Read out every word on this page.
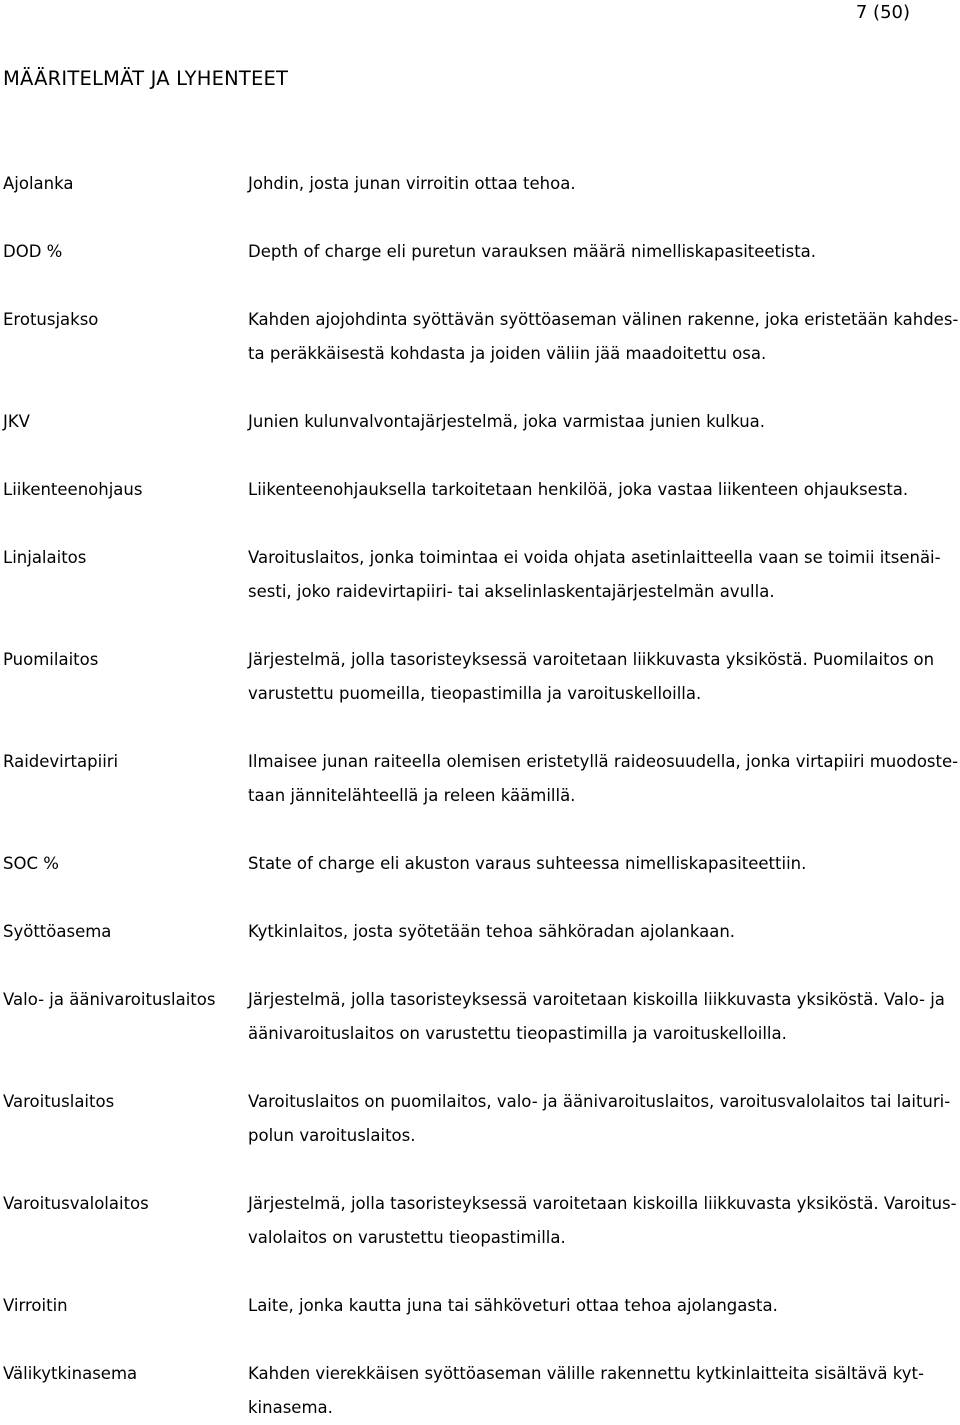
7 (50)
MÄÄRITELMÄT JA LYHENTEET
Ajolanka	Johdin, josta junan virroitin ottaa tehoa.
DOD %	Depth of charge eli puretun varauksen määrä nimelliskapasiteetista.
Erotusjakso	Kahden ajojohdinta syöttävän syöttöaseman välinen rakenne, joka eristetään kahdes-
ta peräkkäisestä kohdasta ja joiden väliin jää maadoitettu osa.
JKV	Junien kulunvalvontajärjestelmä, joka varmistaa junien kulkua.
Liikenteenohjaus	Liikenteenohjauksella tarkoitetaan henkilöä, joka vastaa liikenteen ohjauksesta.
Linjalaitos	Varoituslaitos, jonka toimintaa ei voida ohjata asetinlaitteella vaan se toimii itsenäi-
sesti, joko raidevirtapiiri- tai akselinlaskentajärjestelmän avulla.
Puomilaitos	Järjestelmä, jolla tasoristeyksessä varoitetaan liikkuvasta yksiköstä. Puomilaitos on
varustettu puomeilla, tieopastimilla ja varoituskelloilla.
Raidevirtapiiri	Ilmaisee junan raiteella olemisen eristetyllä raideosuudella, jonka virtapiiri muodoste-
taan jännitelähteellä ja releen käämillä.
SOC %	State of charge eli akuston varaus suhteessa nimelliskapasiteettiin.
Syöttöasema	Kytkinlaitos, josta syötetään tehoa sähköradan ajolankaan.
Valo- ja äänivaroituslaitos	Järjestelmä, jolla tasoristeyksessä varoitetaan kiskoilla liikkuvasta yksiköstä. Valo- ja
äänivaroituslaitos on varustettu tieopastimilla ja varoituskelloilla.
Varoituslaitos	Varoituslaitos on puomilaitos, valo- ja äänivaroituslaitos, varoitusvalolaitos tai laituri-
polun varoituslaitos.
Varoitusvalolaitos	Järjestelmä, jolla tasoristeyksessä varoitetaan kiskoilla liikkuvasta yksiköstä. Varoitus-
valolaitos on varustettu tieopastimilla.
Virroitin	Laite, jonka kautta juna tai sähköveturi ottaa tehoa ajolangasta.
Välikytkinasema	Kahden vierekkäisen syöttöaseman välille rakennettu kytkinlaitteita sisältävä kyt-
kinasema.
